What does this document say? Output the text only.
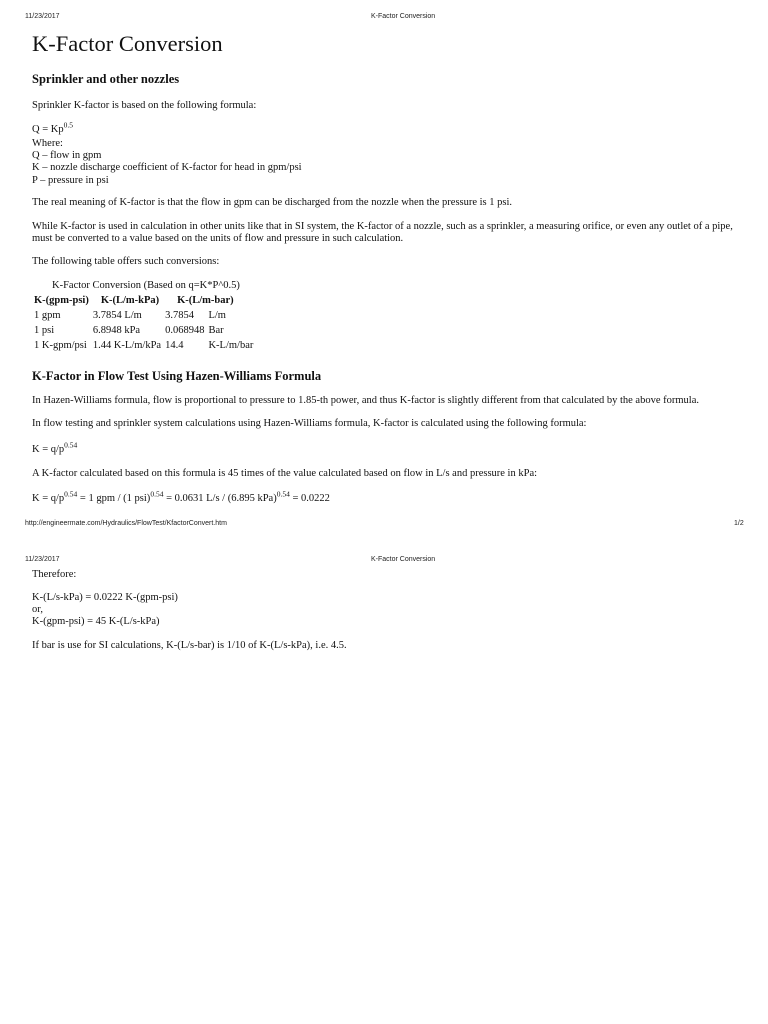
11/23/2017	K-Factor Conversion
K-Factor Conversion
Sprinkler and other nozzles
Sprinkler K-factor is based on the following formula:
$Q = Kp^{0.5}$
Where:
Q – flow in gpm
K – nozzle discharge coefficient of K-factor for head in gpm/psi
P – pressure in psi
The real meaning of K-factor is that the flow in gpm can be discharged from the nozzle when the pressure is 1 psi.
While K-factor is used in calculation in other units like that in SI system, the K-factor of a nozzle, such as a sprinkler, a measuring orifice, or even any outlet of a pipe, must be converted to a value based on the units of flow and pressure in such calculation.
The following table offers such conversions:
K-Factor Conversion (Based on q=K*P^0.5)
K-(gpm-psi)	K-(L/m-kPa)	K-(L/m-bar)	
1 gpm	3.7854 L/m	3.7854	L/m
1 psi	6.8948 kPa	0.068948	Bar
1 K-gpm/psi	1.44 K-L/m/kPa	14.4	K-L/m/bar
K-Factor in Flow Test Using Hazen-Williams Formula
In Hazen-Williams formula, flow is proportional to pressure to 1.85-th power, and thus K-factor is slightly different from that calculated by the above formula.
In flow testing and sprinkler system calculations using Hazen-Williams formula, K-factor is calculated using the following formula:
$K = q/p^{0.54}$
A K-factor calculated based on this formula is 45 times of the value calculated based on flow in L/s and pressure in kPa:
$K = q/p^{0.54} = 1$ gpm / (1 psi)$^{0.54}$ = 0.0631 L/s / (6.895 kPa)$^{0.54}$ = 0.0222
http://engineermate.com/Hydraulics/FlowTest/KfactorConvert.htm	1/2
11/23/2017	K-Factor Conversion
Therefore:
K-(L/s-kPa) = 0.0222 K-(gpm-psi)
or,
K-(gpm-psi) = 45 K-(L/s-kPa)
If bar is use for SI calculations, K-(L/s-bar) is 1/10 of K-(L/s-kPa), i.e. 4.5.
